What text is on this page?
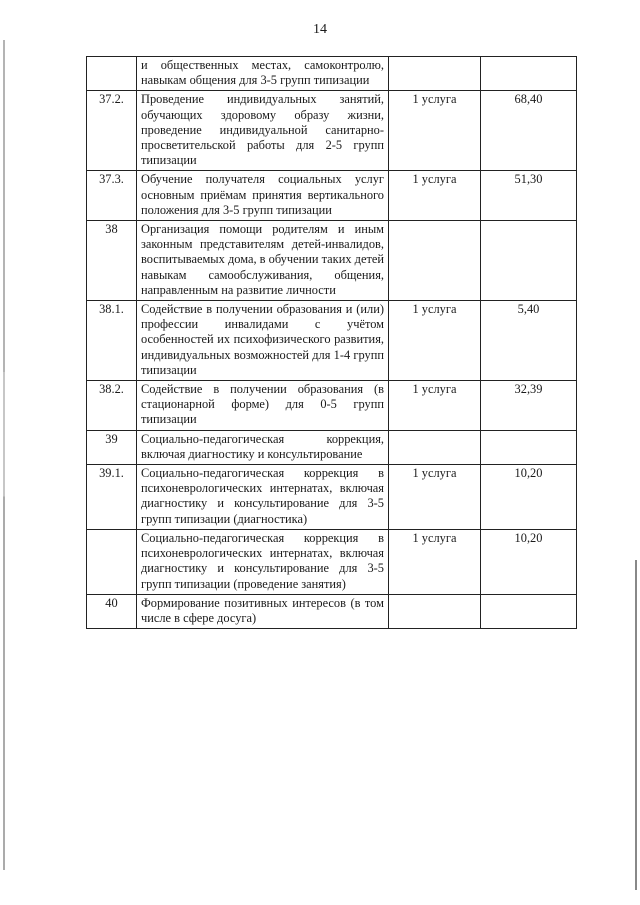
14
	и общественных местах, самоконтролю, навыкам общения для 3-5 групп типизации		
37.2.	Проведение индивидуальных занятий, обучающих здоровому образу жизни, проведение индивидуальной санитарно-просветительской работы для 2-5 групп типизации	1 услуга	68,40
37.3.	Обучение получателя социальных услуг основным приёмам принятия вертикального положения для 3-5 групп типизации	1 услуга	51,30
38	Организация помощи родителям и иным законным представителям детей-инвалидов, воспитываемых дома, в обучении таких детей навыкам самообслуживания, общения, направленным на развитие личности		
38.1.	Содействие в получении образования и (или) профессии инвалидами с учётом особенностей их психофизического развития, индивидуальных возможностей для 1-4 групп типизации	1 услуга	5,40
38.2.	Содействие в получении образования (в стационарной форме) для 0-5 групп типизации	1 услуга	32,39
39	Социально-педагогическая коррекция, включая диагностику и консультирование		
39.1.	Социально-педагогическая коррекция в психоневрологических интернатах, включая диагностику и консультирование для 3-5 групп типизации (диагностика)	1 услуга	10,20
	Социально-педагогическая коррекция в психоневрологических интернатах, включая диагностику и консультирование для 3-5 групп типизации (проведение занятия)	1 услуга	10,20
40	Формирование позитивных интересов (в том числе в сфере досуга)		
